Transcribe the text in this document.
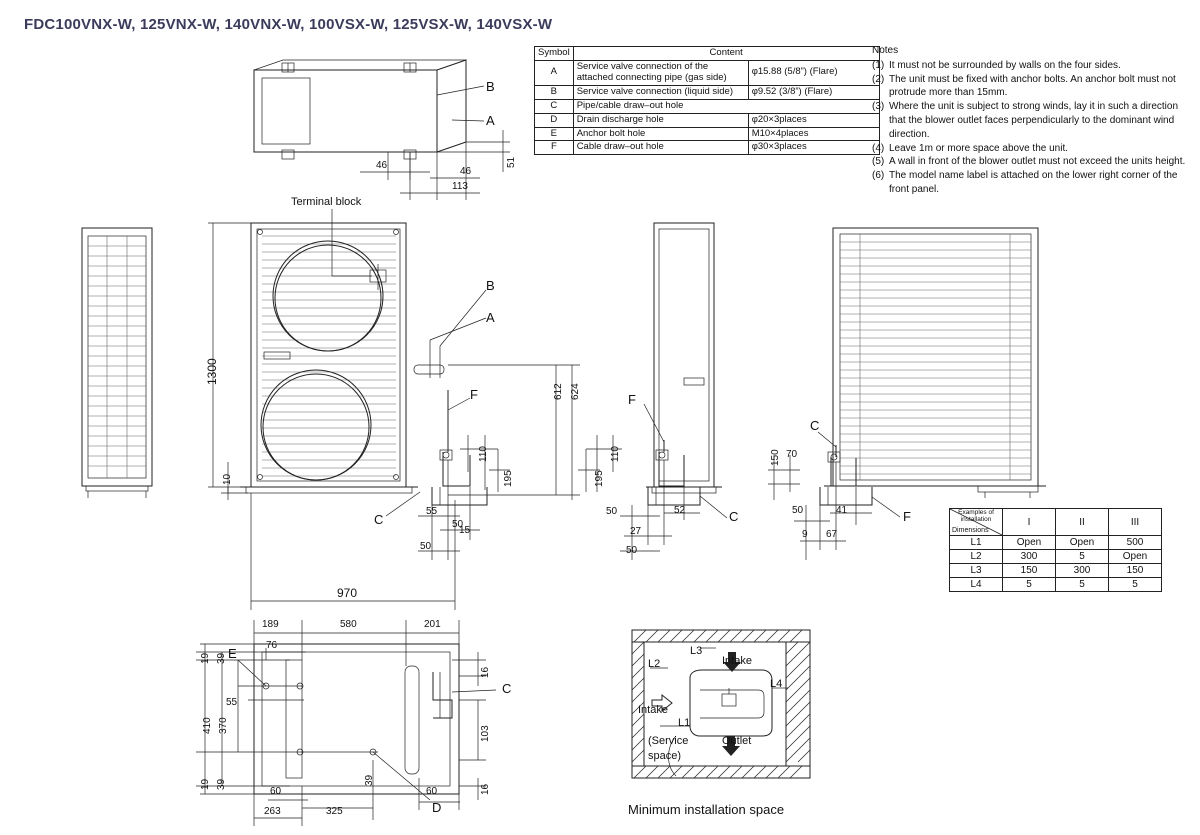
FDC100VNX-W, 125VNX-W, 140VNX-W, 100VSX-W, 125VSX-W, 140VSX-W
Symbol	Content	
A	Service valve connection of the attached connecting pipe (gas side)	φ15.88 (5/8”) (Flare)
B	Service valve connection (liquid side)	φ9.52 (3/8”) (Flare)
C	Pipe/cable draw–out hole	
D	Drain discharge hole	φ20×3places
E	Anchor bolt hole	M10×4places
F	Cable draw–out hole	φ30×3places
Notes
(1) It must not be surrounded by walls on the four sides.
(2) The unit must be fixed with anchor bolts. An anchor bolt must not protrude more than 15mm.
(3) Where the unit is subject to strong winds, lay it in such a direction that the blower outlet faces perpendicularly to the dominant wind direction.
(4) Leave 1m or more space above the unit.
(5) A wall in front of the blower outlet must not exceed the units height.
(6) The model name label is attached on the lower right corner of the front panel.
Examples of installation
Dimensions	I	II	III
L1	Open	Open	500
L2	300	5	Open
L3	150	300	150
L4	5	5	5
B
A
46
46
113
51
Terminal block
1300
10
970
110
195
55
50
15
50
612 624
B
A
F
C
110
195
50
27
50
52
F
C
150 70
50
9
41
67
C
F
189	580	201
76
19 39
410 370
55
19 39
60
263
39
325
60
16
103
16
E
C
D
L2
L3
L4
L1
Intake
Intake
Outlet
(Service
space)
Minimum installation space
